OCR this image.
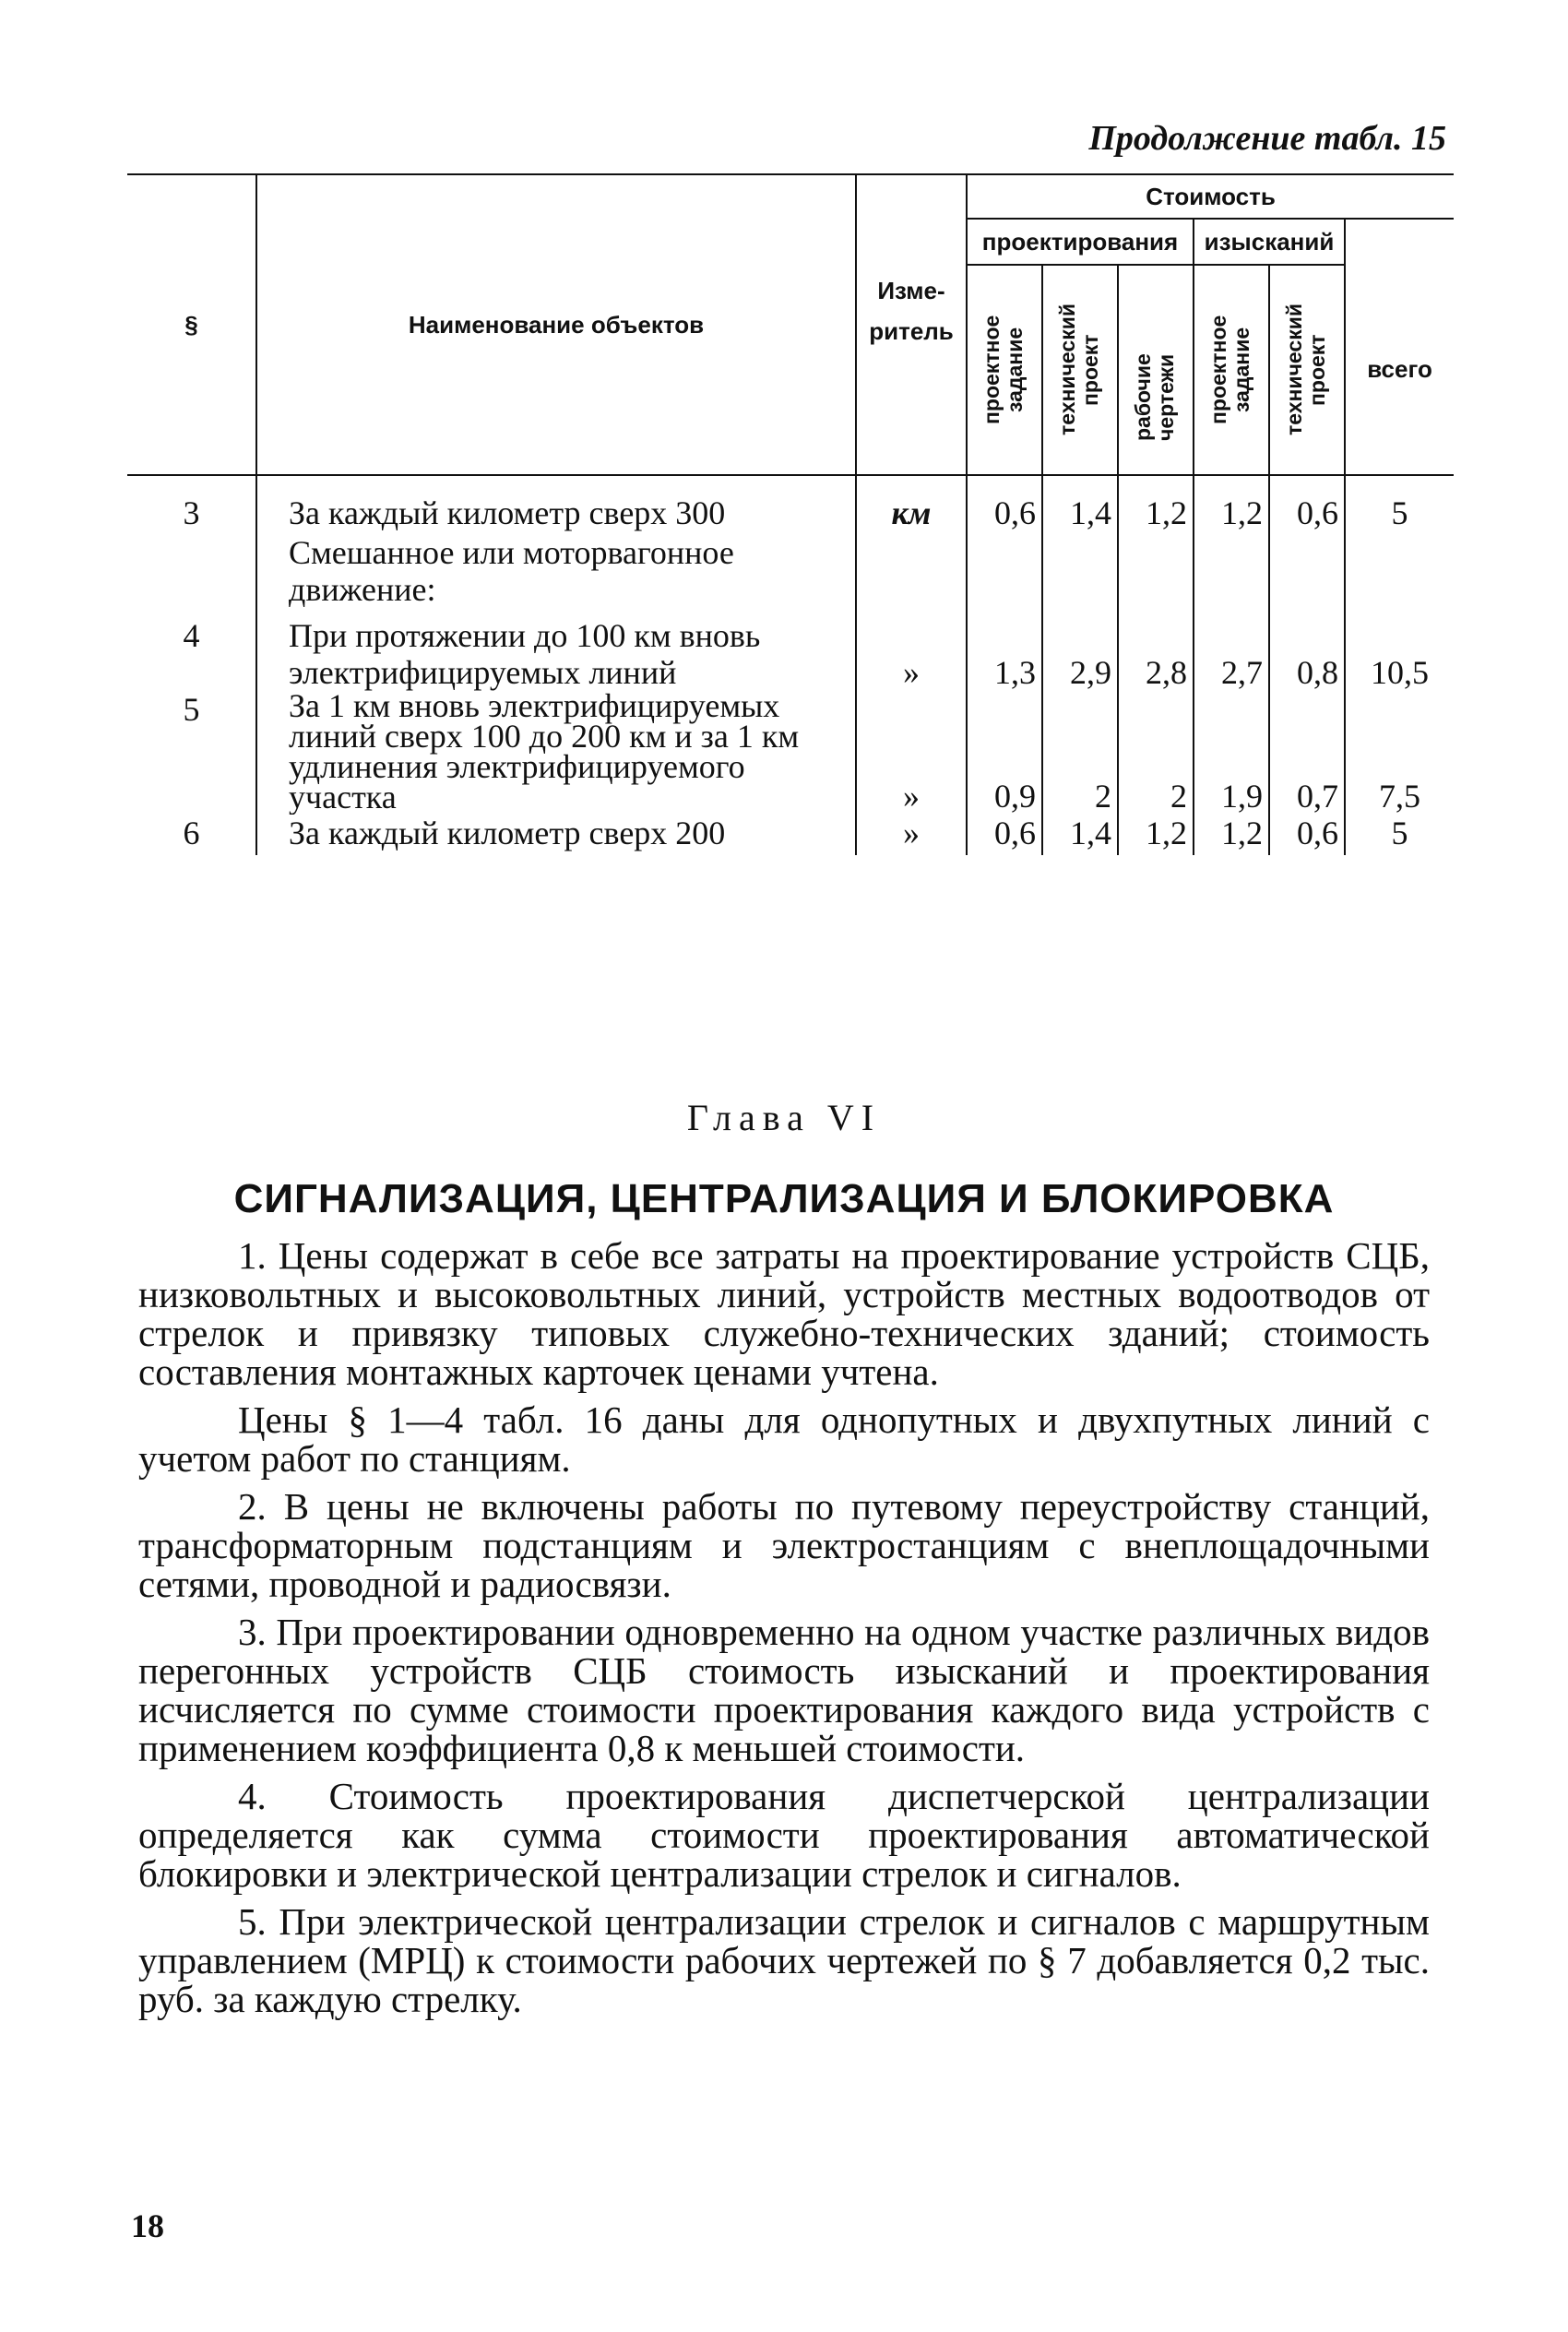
Продолжение табл. 15
§	Наименование объектов	Изме-ритель	Стоимость					
			проектирования			изысканий		

			проектное задание	технический проект	рабочие чертежи	проектное задание	технический проект	всего
3	За каждый километр сверх 300	км	0,6	1,4	1,2	1,2	0,6	5
	Смешанное или моторвагонное движение:							
4	При протяжении до 100 км вновь электрифицируемых линий	»	1,3	2,9	2,8	2,7	0,8	10,5
5	За 1 км вновь электрифицируемых линий сверх 100 до 200 км и за 1 км удлинения электрифицируемого участка	»	0,9	2	2	1,9	0,7	7,5
6	За каждый километр сверх 200	»	0,6	1,4	1,2	1,2	0,6	5
Глава VI
СИГНАЛИЗАЦИЯ, ЦЕНТРАЛИЗАЦИЯ И БЛОКИРОВКА

1. Цены содержат в себе все затраты на проектирование устройств СЦБ, низковольтных и высоковольтных линий, устройств местных водоотводов от стрелок и привязку типовых служебно-технических зданий; стоимость составления монтажных карточек ценами учтена.

Цены § 1—4 табл. 16 даны для однопутных и двухпутных линий с учетом работ по станциям.

2. В цены не включены работы по путевому переустройству станций, трансформаторным подстанциям и электростанциям с внеплощадочными сетями, проводной и радиосвязи.

3. При проектировании одновременно на одном участке различных видов перегонных устройств СЦБ стоимость изысканий и проектирования исчисляется по сумме стоимости проектирования каждого вида устройств с применением коэффициента 0,8 к меньшей стоимости.

4. Стоимость проектирования диспетчерской централизации определяется как сумма стоимости проектирования автоматической блокировки и электрической централизации стрелок и сигналов.

5. При электрической централизации стрелок и сигналов с маршрутным управлением (МРЦ) к стоимости рабочих чертежей по § 7 добавляется 0,2 тыс. руб. за каждую стрелку.

18
